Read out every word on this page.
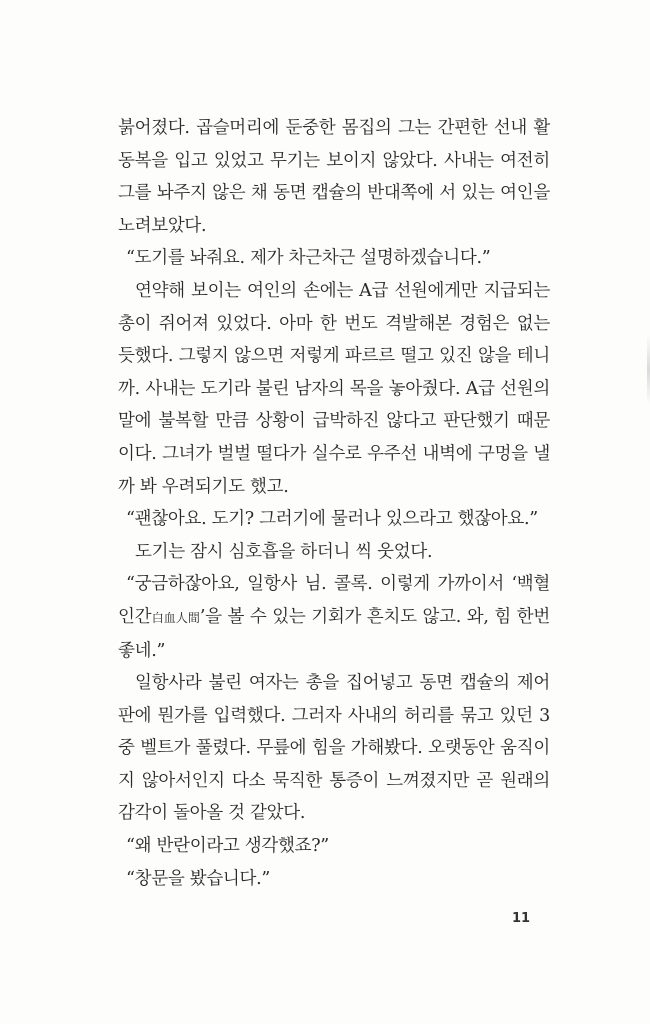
붉어졌다. 곱슬머리에 둔중한 몸집의 그는 간편한 선내 활동복을 입고 있었고 무기는 보이지 않았다. 사내는 여전히 그를 놔주지 않은 채 동면 캡슐의 반대쪽에 서 있는 여인을 노려보았다.

“도기를 놔줘요. 제가 차근차근 설명하겠습니다.”

연약해 보이는 여인의 손에는 A급 선원에게만 지급되는 총이 쥐어져 있었다. 아마 한 번도 격발해본 경험은 없는 듯했다. 그렇지 않으면 저렇게 파르르 떨고 있진 않을 테니까. 사내는 도기라 불린 남자의 목을 놓아줬다. A급 선원의 말에 불복할 만큼 상황이 급박하진 않다고 판단했기 때문이다. 그녀가 벌벌 떨다가 실수로 우주선 내벽에 구멍을 낼까 봐 우려되기도 했고.

“괜찮아요. 도기? 그러기에 물러나 있으라고 했잖아요.”

도기는 잠시 심호흡을 하더니 씩 웃었다.

“궁금하잖아요, 일항사 님. 콜록. 이렇게 가까이서 ‘백혈인간白血人間’을 볼 수 있는 기회가 흔치도 않고. 와, 힘 한번 좋네.”

일항사라 불린 여자는 총을 집어넣고 동면 캡슐의 제어판에 뭔가를 입력했다. 그러자 사내의 허리를 묶고 있던 3중 벨트가 풀렸다. 무릎에 힘을 가해봤다. 오랫동안 움직이지 않아서인지 다소 묵직한 통증이 느껴졌지만 곧 원래의 감각이 돌아올 것 같았다.

“왜 반란이라고 생각했죠?”

“창문을 봤습니다.”

11
